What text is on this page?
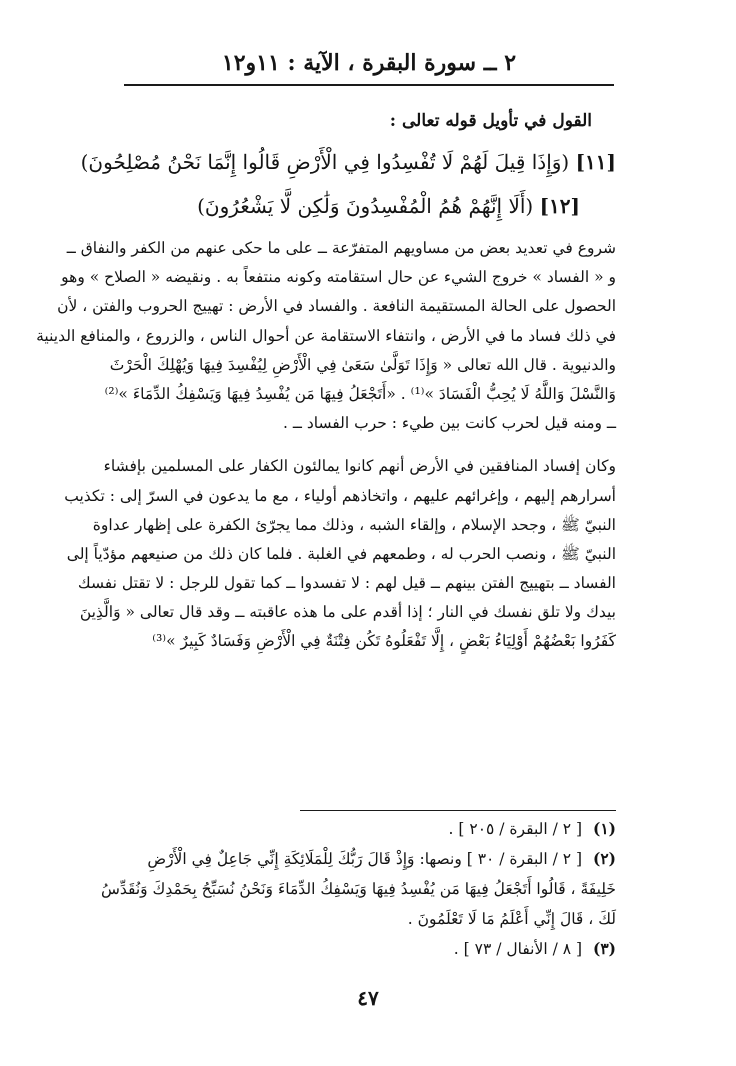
٢ ــ سورة البقرة ، الآية : ١١و١٢
القول في تأويل قوله تعالى :
[١١] (وَإِذَا قِيلَ لَهُمْ لَا تُفْسِدُوا فِي الْأَرْضِ قَالُوا إِنَّمَا نَحْنُ مُصْلِحُونَ)
[١٢] (أَلَا إِنَّهُمْ هُمُ الْمُفْسِدُونَ وَلَٰكِن لَّا يَشْعُرُونَ)
شروع في تعديد بعض من مساويهم المتفرّعة ــ على ما حكى عنهم من الكفر والنفاق ــ
و « الفساد » خروج الشيء عن حال استقامته وكونه منتفعاً به . ونقيضه « الصلاح » وهو
الحصول على الحالة المستقيمة النافعة . والفساد في الأرض : تهييج الحروب والفتن ، لأن
في ذلك فساد ما في الأرض ، وانتفاء الاستقامة عن أحوال الناس ، والزروع ، والمنافع الدينية
والدنيوية . قال الله تعالى « وَإِذَا تَوَلَّىٰ سَعَىٰ فِي الْأَرْضِ لِيُفْسِدَ فِيهَا وَيُهْلِكَ الْحَرْثَ
وَالنَّسْلَ وَاللَّهُ لَا يُحِبُّ الْفَسَادَ »⁽¹⁾ . «أَتَجْعَلُ فِيهَا مَن يُفْسِدُ فِيهَا وَيَسْفِكُ الدِّمَاءَ »⁽²⁾
ــ ومنه قيل لحرب كانت بين طيء : حرب الفساد ــ .
وكان إفساد المنافقين في الأرض أنهم كانوا يمالئون الكفار على المسلمين بإفشاء
أسرارهم إليهم ، وإغرائهم عليهم ، واتخاذهم أولياء ، مع ما يدعون في السرّ إلى : تكذيب
النبيّ ﷺ ، وجحد الإسلام ، وإلقاء الشبه ، وذلك مما يجرّئ الكفرة على إظهار عداوة
النبيّ ﷺ ، ونصب الحرب له ، وطمعهم في الغلبة . فلما كان ذلك من صنيعهم مؤدّياً إلى
الفساد ــ بتهييج الفتن بينهم ــ قيل لهم : لا تفسدوا ــ كما تقول للرجل : لا تقتل نفسك
بيدك ولا تلق نفسك في النار ؛ إذا أقدم على ما هذه عاقبته ــ وقد قال تعالى « وَالَّذِينَ
كَفَرُوا بَعْضُهُمْ أَوْلِيَاءُ بَعْضٍ ، إِلَّا تَفْعَلُوهُ تَكُن فِتْنَةٌ فِي الْأَرْضِ وَفَسَادٌ كَبِيرٌ »⁽³⁾
(١) [ ٢ / البقرة / ٢٠٥ ] .
(٢) [ ٢ / البقرة / ٣٠ ] ونصها: وَإِذْ قَالَ رَبُّكَ لِلْمَلَائِكَةِ إِنِّي جَاعِلٌ فِي الْأَرْضِ
خَلِيفَةً ، قَالُوا أَتَجْعَلُ فِيهَا مَن يُفْسِدُ فِيهَا وَيَسْفِكُ الدِّمَاءَ وَنَحْنُ نُسَبِّحُ بِحَمْدِكَ وَنُقَدِّسُ
لَكَ ، قَالَ إِنِّي أَعْلَمُ مَا لَا تَعْلَمُونَ .
(٣) [ ٨ / الأنفال / ٧٣ ] .
٤٧
